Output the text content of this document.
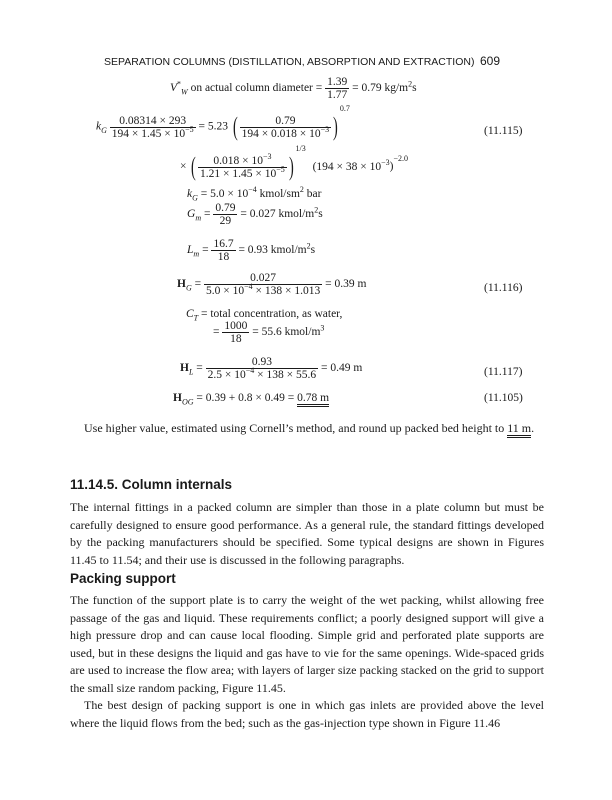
SEPARATION COLUMNS (DISTILLATION, ABSORPTION AND EXTRACTION) 609
$V^*_W$ on actual column diameter = $\frac{1.39}{1.77} = 0.79$ $kg/m^2s$
$k_G \frac{0.08314 \times 293}{194 \times 1.45 \times 10^{-5}} = 5.23$ ( $\frac{0.79}{194 \times 0.018 \times 10^{-3}} )^{0.7}$
(11.115)
× ( $\frac{0.018 \times 10^{-3}}{1.21 \times 1.45 \times 10^{-5}} )^{1/3}$ $(194 \times 38 \times 10^{-3})^{-2.0}$
$k_G = 5.0 \times 10^{-4}$ kmol/$sm^2$ bar
$G_m = \frac{0.79}{29} = 0.027$ kmol/$m^2s$
$L_m = \frac{16.7}{18} = 0.93$ kmol/$m^2s$
$H_G = \frac{0.027}{5.0 \times 10^{-4} \times 138 \times 1.013} = 0.39$ m	(11.116)
$C_T$ = total concentration, as water,
= $\frac{1000}{18} = 55.6$ kmol/$m^3$
$H_L = \frac{0.93}{2.5 \times 10^{-4} \times 138 \times 55.6} = 0.49$ m	(11.117)
$H_{OG} = 0.39 + 0.8 \times 0.49 = 0.78$ m	(11.105)
Use higher value, estimated using Cornell’s method, and round up packed bed height to 11 m.
11.14.5. Column internals
The internal fittings in a packed column are simpler than those in a plate column but must be carefully designed to ensure good performance. As a general rule, the standard fittings developed by the packing manufacturers should be specified. Some typical designs are shown in Figures 11.45 to 11.54; and their use is discussed in the following paragraphs.
Packing support
The function of the support plate is to carry the weight of the wet packing, whilst allowing free passage of the gas and liquid. These requirements conflict; a poorly designed support will give a high pressure drop and can cause local flooding. Simple grid and perforated plate supports are used, but in these designs the liquid and gas have to vie for the same openings. Wide-spaced grids are used to increase the flow area; with layers of larger size packing stacked on the grid to support the small size random packing, Figure 11.45.
The best design of packing support is one in which gas inlets are provided above the level where the liquid flows from the bed; such as the gas-injection type shown in Figure 11.46
